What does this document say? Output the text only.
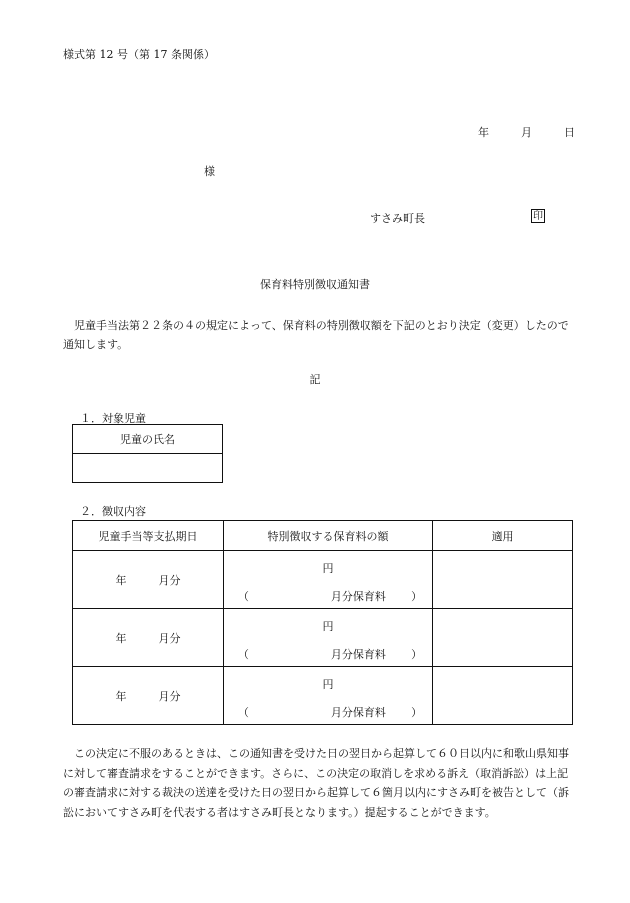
様式第 12 号（第 17 条関係）
年	月	日
様
すさみ町長	印
保育料特別徴収通知書
児童手当法第２２条の４の規定によって、保育料の特別徴収額を下記のとおり決定（変更）したので通知します。
記
１．対象児童
児童の氏名

２．徴収内容
児童手当等支払期日	特別徴収する保育料の額	適用
年 月分	円
（ 月分保育料 ）	

年 月分	円
（ 月分保育料 ）	

年 月分	円
（ 月分保育料 ）	

この決定に不服のあるときは、この通知書を受けた日の翌日から起算して６０日以内に和歌山県知事に対して審査請求をすることができます。さらに、この決定の取消しを求める訴え（取消訴訟）は上記の審査請求に対する裁決の送達を受けた日の翌日から起算して６箇月以内にすさみ町を被告として（訴訟においてすさみ町を代表する者はすさみ町長となります。）提起することができます。
